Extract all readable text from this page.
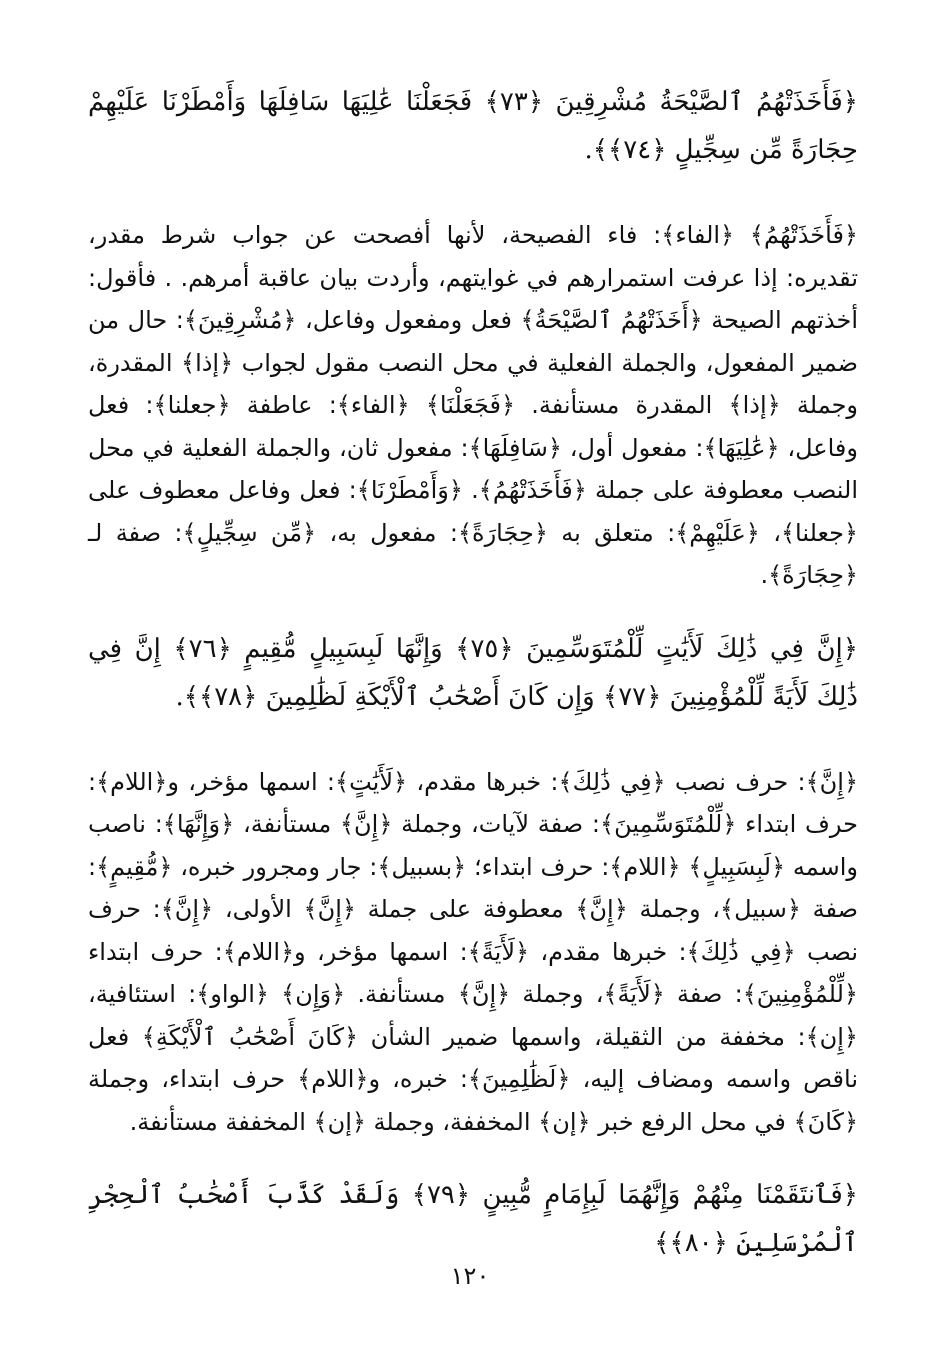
﴿فَأَخَذَتْهُمُ ٱلصَّيْحَةُ مُشْرِقِينَ ﴿٧٣﴾ فَجَعَلْنَا عَٰلِيَهَا سَافِلَهَا وَأَمْطَرْنَا عَلَيْهِمْ حِجَارَةً مِّن سِجِّيلٍ ﴿٧٤﴾﴾.
﴿فَأَخَذَتْهُمُ﴾ ﴿الفاء﴾: فاء الفصيحة، لأنها أفصحت عن جواب شرط مقدر، تقديره: إذا عرفت استمرارهم في غوايتهم، وأردت بيان عاقبة أمرهم. . فأقول: أخذتهم الصيحة ﴿أَخَذَتْهُمُ ٱلصَّيْحَةُ﴾ فعل ومفعول وفاعل، ﴿مُشْرِقِينَ﴾: حال من ضمير المفعول، والجملة الفعلية في محل النصب مقول لجواب ﴿إذا﴾ المقدرة، وجملة ﴿إذا﴾ المقدرة مستأنفة. ﴿فَجَعَلْنَا﴾ ﴿الفاء﴾: عاطفة ﴿جعلنا﴾: فعل وفاعل، ﴿عَٰلِيَهَا﴾: مفعول أول، ﴿سَافِلَهَا﴾: مفعول ثان، والجملة الفعلية في محل النصب معطوفة على جملة ﴿فَأَخَذَتْهُمُ﴾. ﴿وَأَمْطَرْنَا﴾: فعل وفاعل معطوف على ﴿جعلنا﴾، ﴿عَلَيْهِمْ﴾: متعلق به ﴿حِجَارَةً﴾: مفعول به، ﴿مِّن سِجِّيلٍ﴾: صفة لـ ﴿حِجَارَةً﴾.
﴿إِنَّ فِي ذَٰلِكَ لَأَيَٰتٍ لِّلْمُتَوَسِّمِينَ ﴿٧٥﴾ وَإِنَّهَا لَبِسَبِيلٍ مُّقِيمٍ ﴿٧٦﴾ إِنَّ فِي ذَٰلِكَ لَأَيَةً لِّلْمُؤْمِنِينَ ﴿٧٧﴾ وَإِن كَانَ أَصْحَٰبُ ٱلْأَيْكَةِ لَظَٰلِمِينَ ﴿٧٨﴾﴾.
﴿إِنَّ﴾: حرف نصب ﴿فِي ذَٰلِكَ﴾: خبرها مقدم، ﴿لَأَيَٰتٍ﴾: اسمها مؤخر، و﴿اللام﴾: حرف ابتداء ﴿لِّلْمُتَوَسِّمِينَ﴾: صفة لآيات، وجملة ﴿إِنَّ﴾ مستأنفة، ﴿وَإِنَّهَا﴾: ناصب واسمه ﴿لَبِسَبِيلٍ﴾ ﴿اللام﴾: حرف ابتداء؛ ﴿بسبيل﴾: جار ومجرور خبره، ﴿مُّقِيمٍ﴾: صفة ﴿سبيل﴾، وجملة ﴿إِنَّ﴾ معطوفة على جملة ﴿إِنَّ﴾ الأولى، ﴿إِنَّ﴾: حرف نصب ﴿فِي ذَٰلِكَ﴾: خبرها مقدم، ﴿لَأَيَةً﴾: اسمها مؤخر، و﴿اللام﴾: حرف ابتداء ﴿لِّلْمُؤْمِنِينَ﴾: صفة ﴿لَأَيَةً﴾، وجملة ﴿إِنَّ﴾ مستأنفة. ﴿وَإِن﴾ ﴿الواو﴾: استئافية، ﴿إِن﴾: مخففة من الثقيلة، واسمها ضمير الشأن ﴿كَانَ أَصْحَٰبُ ٱلْأَيْكَةِ﴾ فعل ناقص واسمه ومضاف إليه، ﴿لَظَٰلِمِينَ﴾: خبره، و﴿اللام﴾ حرف ابتداء، وجملة ﴿كَانَ﴾ في محل الرفع خبر ﴿إن﴾ المخففة، وجملة ﴿إن﴾ المخففة مستأنفة.
﴿فَٱنتَقَمْنَا مِنْهُمْ وَإِنَّهُمَا لَبِإِمَامٍ مُّبِينٍ ﴿٧٩﴾ وَلَقَدْ كَذَّبَ أَصْحَٰبُ ٱلْحِجْرِ ٱلْمُرْسَلِينَ ﴿٨٠﴾﴾
١٢٠
